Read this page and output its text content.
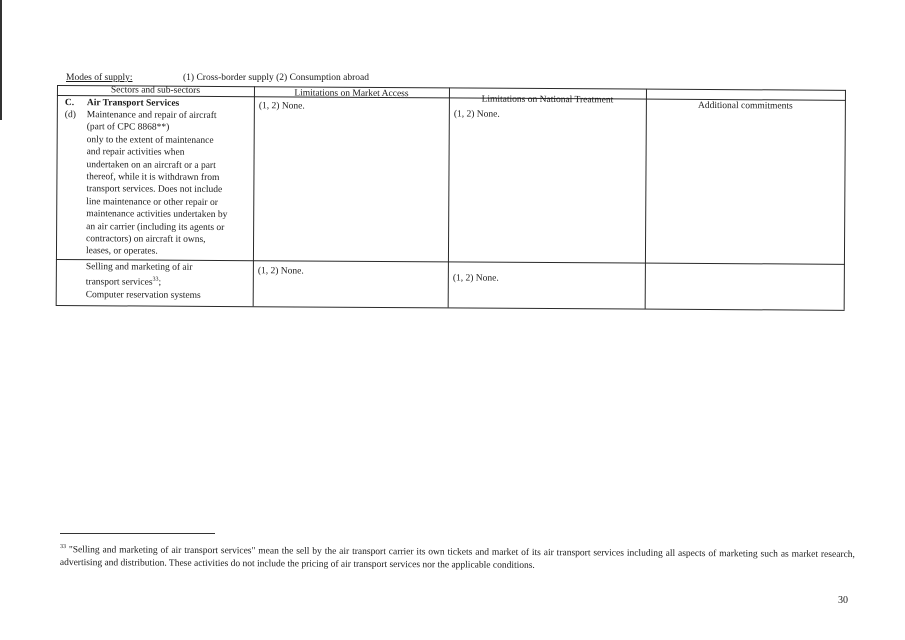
Modes of supply:	(1) Cross-border supply (2) Consumption abroad
Sectors and sub-sectors	Limitations on Market Access
Limitations on National Treatment
Additional commitments
C. Air Transport Services
(d) Maintenance and repair of aircraft
(part of CPC 8868**)
only to the extent of maintenance
and repair activities when
undertaken on an aircraft or a part
thereof, while it is withdrawn from
transport services. Does not include
line maintenance or other repair or
maintenance activities undertaken by
an air carrier (including its agents or
contractors) on aircraft it owns,
leases, or operates.
(1, 2) None.
(1, 2) None.
Selling and marketing of air
transport services$^{33}$;
Computer reservation systems
(1, 2) None.
(1, 2) None.
$^{33}$ "Selling and marketing of air transport services" mean the sell by the air transport carrier its own tickets and market of its air transport services including all aspects of marketing such as market research, advertising and distribution. These activities do not include the pricing of air transport services nor the applicable conditions.
30
